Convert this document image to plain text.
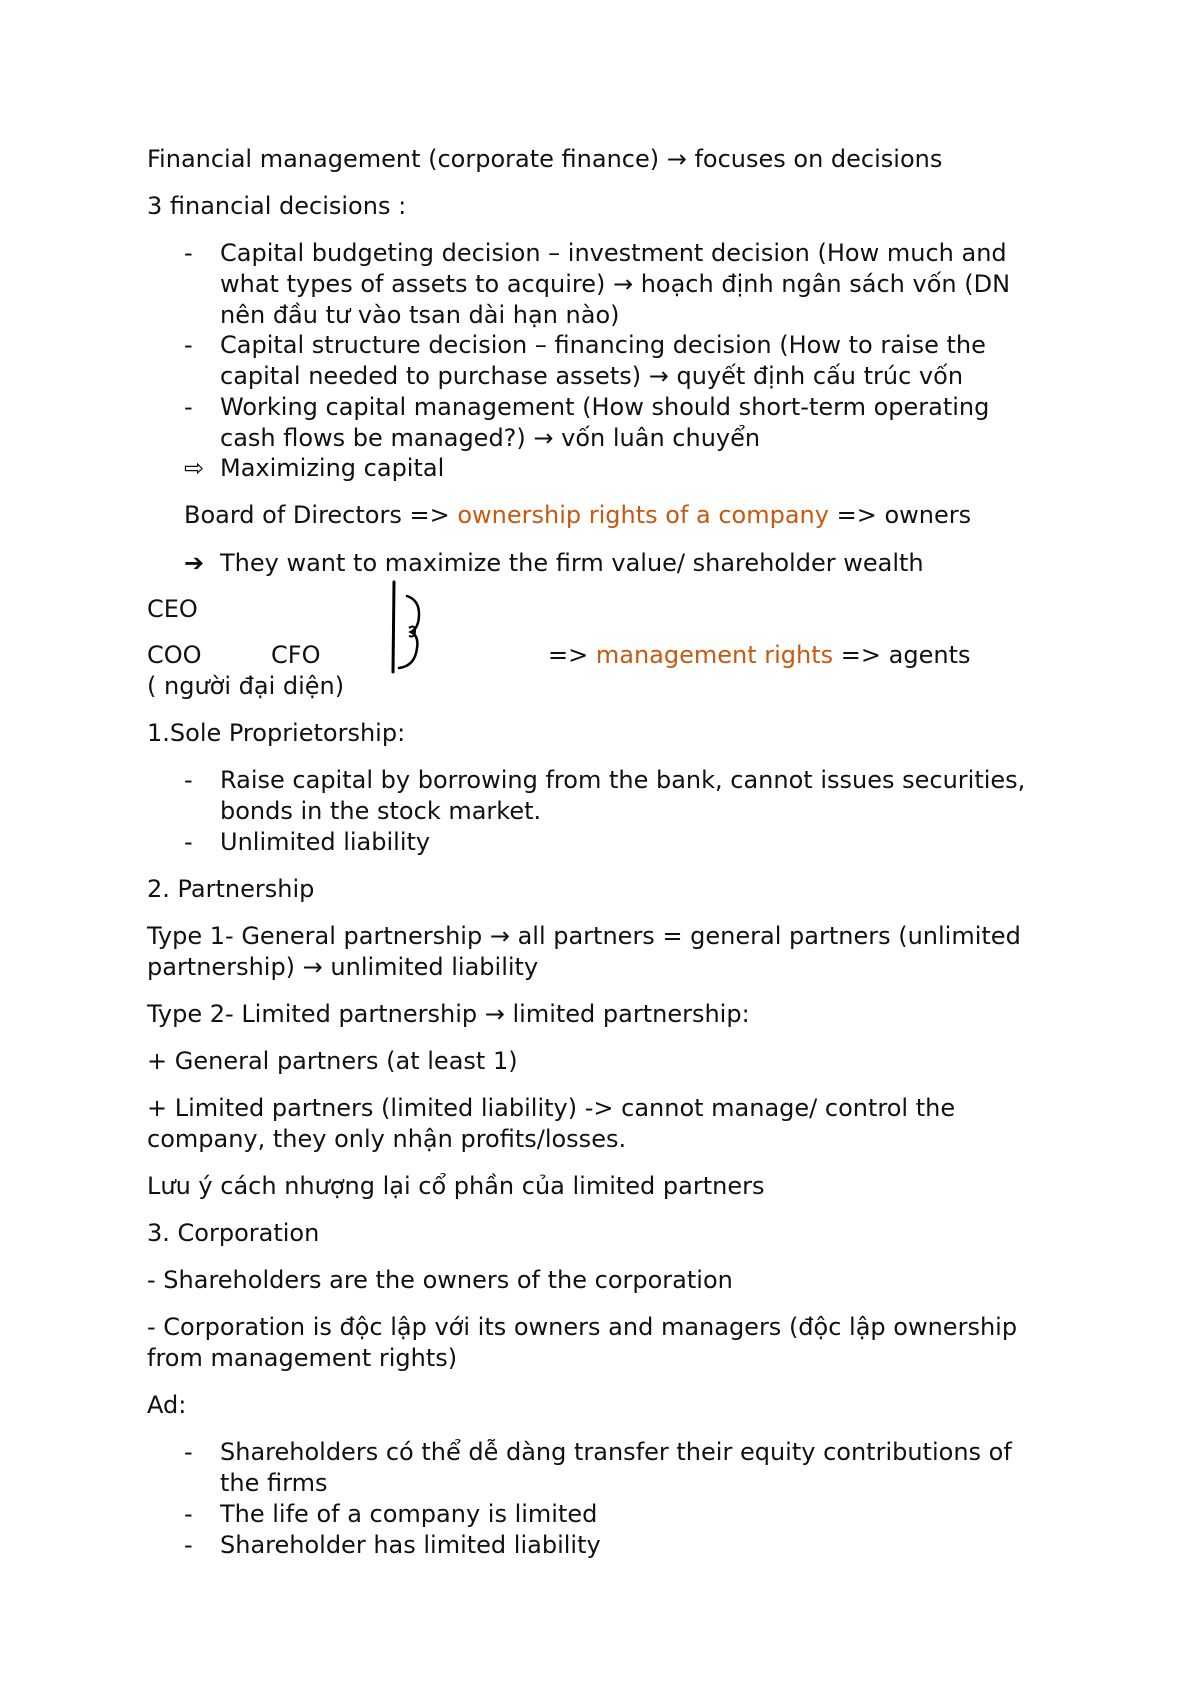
Financial management (corporate finance) → focuses on decisions

3 financial decisions :

-	Capital budgeting decision – investment decision (How much and
what types of assets to acquire) → hoạch định ngân sách vốn (DN
nên đầu tư vào tsan dài hạn nào)
-	Capital structure decision – financing decision (How to raise the
capital needed to purchase assets) → quyết định cấu trúc vốn
-	Working capital management (How should short-term operating
cash flows be managed?) → vốn luân chuyển
⇨ Maximizing capital

Board of Directors => ownership rights of a company => owners

➔ They want to maximize the firm value/ shareholder wealth

CEO

COO	CFO	=> management rights => agents

( người đại diện)

1.Sole Proprietorship:

-	Raise capital by borrowing from the bank, cannot issues securities,
bonds in the stock market.
-	Unlimited liability

2. Partnership

Type 1- General partnership → all partners = general partners (unlimited

partnership) → unlimited liability

Type 2- Limited partnership → limited partnership:

+ General partners (at least 1)

+ Limited partners (limited liability) -> cannot manage/ control the

company, they only nhận profits/losses.

Lưu ý cách nhượng lại cổ phần của limited partners

3. Corporation

- Shareholders are the owners of the corporation

- Corporation is độc lập với its owners and managers (độc lập ownership

from management rights)

Ad:

-	Shareholders có thể dễ dàng transfer their equity contributions of
the firms
-	The life of a company is limited
-	Shareholder has limited liability
